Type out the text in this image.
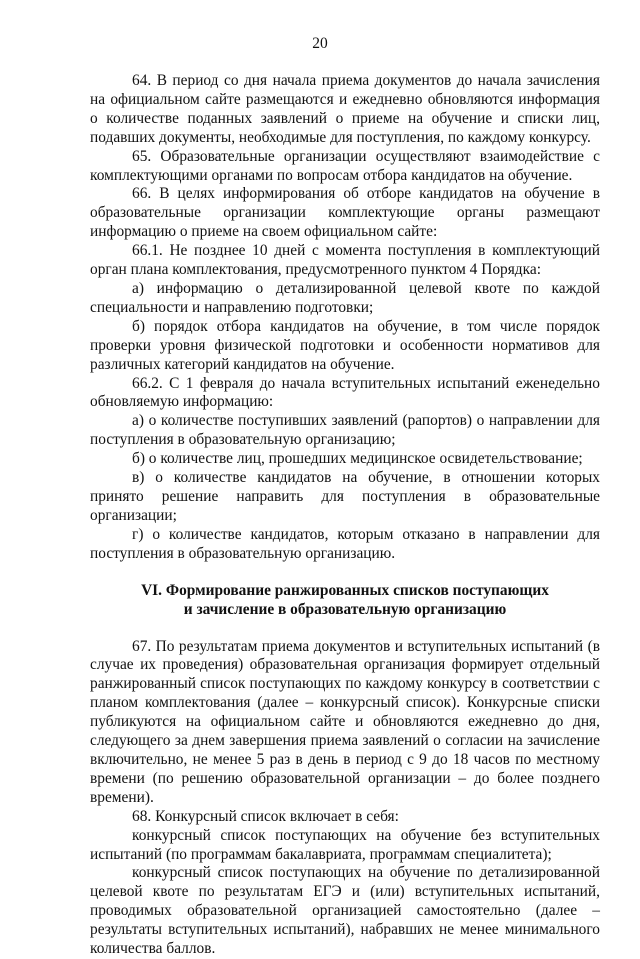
20

64. В период со дня начала приема документов до начала зачисления на официальном сайте размещаются и ежедневно обновляются информация о количестве поданных заявлений о приеме на обучение и списки лиц, подавших документы, необходимые для поступления, по каждому конкурсу.

65. Образовательные организации осуществляют взаимодействие с комплектующими органами по вопросам отбора кандидатов на обучение.

66. В целях информирования об отборе кандидатов на обучение в образовательные организации комплектующие органы размещают информацию о приеме на своем официальном сайте:

66.1. Не позднее 10 дней с момента поступления в комплектующий орган плана комплектования, предусмотренного пунктом 4 Порядка:

а) информацию о детализированной целевой квоте по каждой специальности и направлению подготовки;

б) порядок отбора кандидатов на обучение, в том числе порядок проверки уровня физической подготовки и особенности нормативов для различных категорий кандидатов на обучение.

66.2. С 1 февраля до начала вступительных испытаний еженедельно обновляемую информацию:

а) о количестве поступивших заявлений (рапортов) о направлении для поступления в образовательную организацию;

б) о количестве лиц, прошедших медицинское освидетельствование;

в) о количестве кандидатов на обучение, в отношении которых принято решение направить для поступления в образовательные организации;

г) о количестве кандидатов, которым отказано в направлении для поступления в образовательную организацию.

VI. Формирование ранжированных списков поступающих
и зачисление в образовательную организацию

67. По результатам приема документов и вступительных испытаний (в случае их проведения) образовательная организация формирует отдельный ранжированный список поступающих по каждому конкурсу в соответствии с планом комплектования (далее – конкурсный список). Конкурсные списки публикуются на официальном сайте и обновляются ежедневно до дня, следующего за днем завершения приема заявлений о согласии на зачисление включительно, не менее 5 раз в день в период с 9 до 18 часов по местному времени (по решению образовательной организации – до более позднего времени).

68. Конкурсный список включает в себя:

конкурсный список поступающих на обучение без вступительных испытаний (по программам бакалавриата, программам специалитета);

конкурсный список поступающих на обучение по детализированной целевой квоте по результатам ЕГЭ и (или) вступительных испытаний, проводимых образовательной организацией самостоятельно (далее – результаты вступительных испытаний), набравших не менее минимального количества баллов.
